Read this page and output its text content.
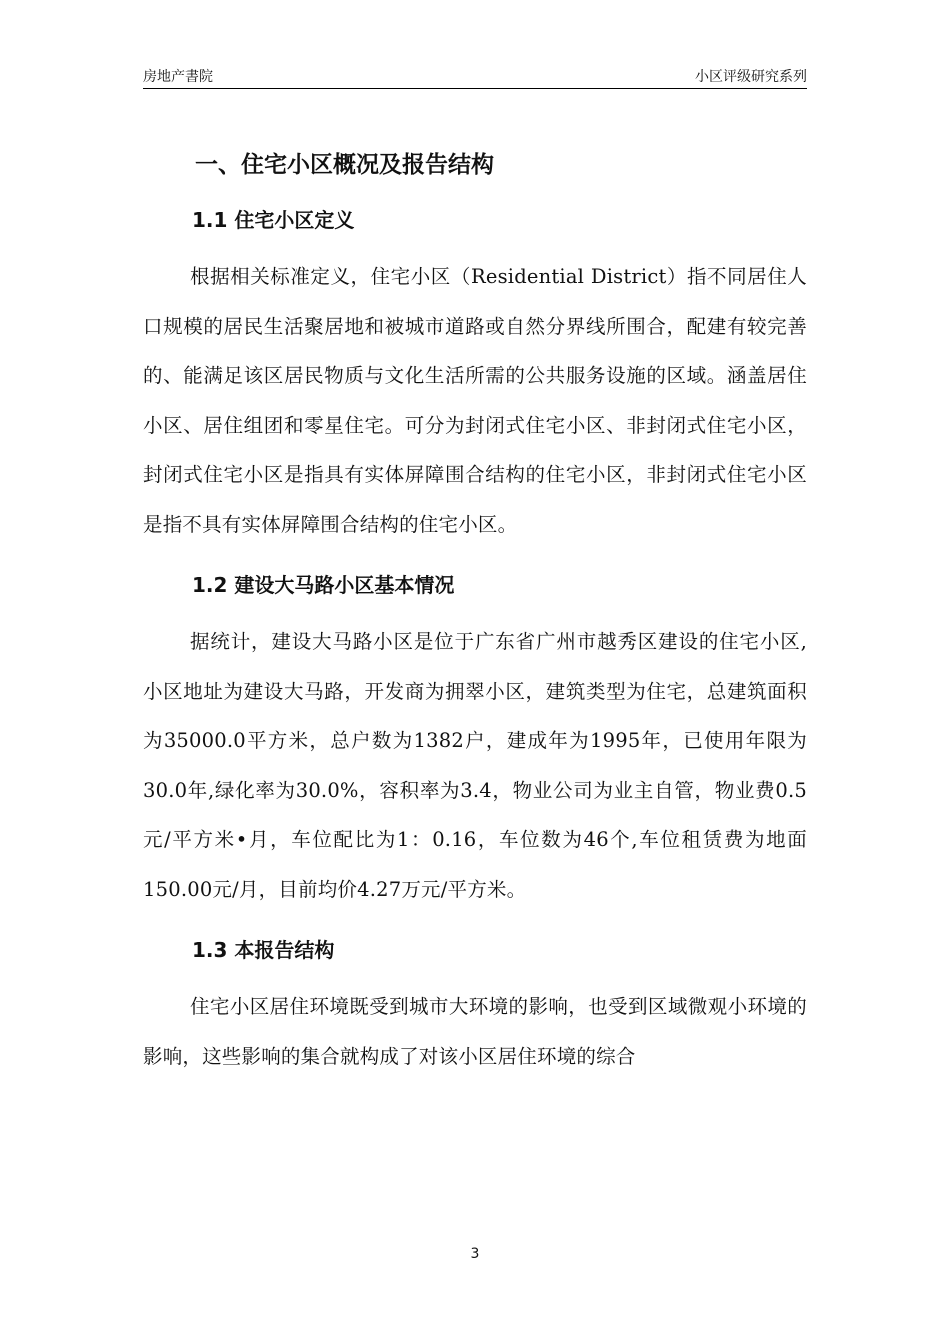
房地产書院	小区评级研究系列
一、住宅小区概况及报告结构
1.1 住宅小区定义

根据相关标准定义，住宅小区（Residential District）指不同居住人口规模的居民生活聚居地和被城市道路或自然分界线所围合，配建有较完善的、能满足该区居民物质与文化生活所需的公共服务设施的区域。涵盖居住小区、居住组团和零星住宅。可分为封闭式住宅小区、非封闭式住宅小区，封闭式住宅小区是指具有实体屏障围合结构的住宅小区，非封闭式住宅小区是指不具有实体屏障围合结构的住宅小区。

1.2 建设大马路小区基本情况

据统计，建设大马路小区是位于广东省广州市越秀区建设的住宅小区,小区地址为建设大马路，开发商为拥翠小区，建筑类型为住宅，总建筑面积为35000.0平方米，总户数为1382户，建成年为1995年，已使用年限为30.0年,绿化率为30.0%，容积率为3.4，物业公司为业主自管，物业费0.5元/平方米•月，车位配比为1：0.16，车位数为46个,车位租赁费为地面150.00元/月，目前均价4.27万元/平方米。

1.3 本报告结构

住宅小区居住环境既受到城市大环境的影响，也受到区域微观小环境的影响，这些影响的集合就构成了对该小区居住环境的综合

3
